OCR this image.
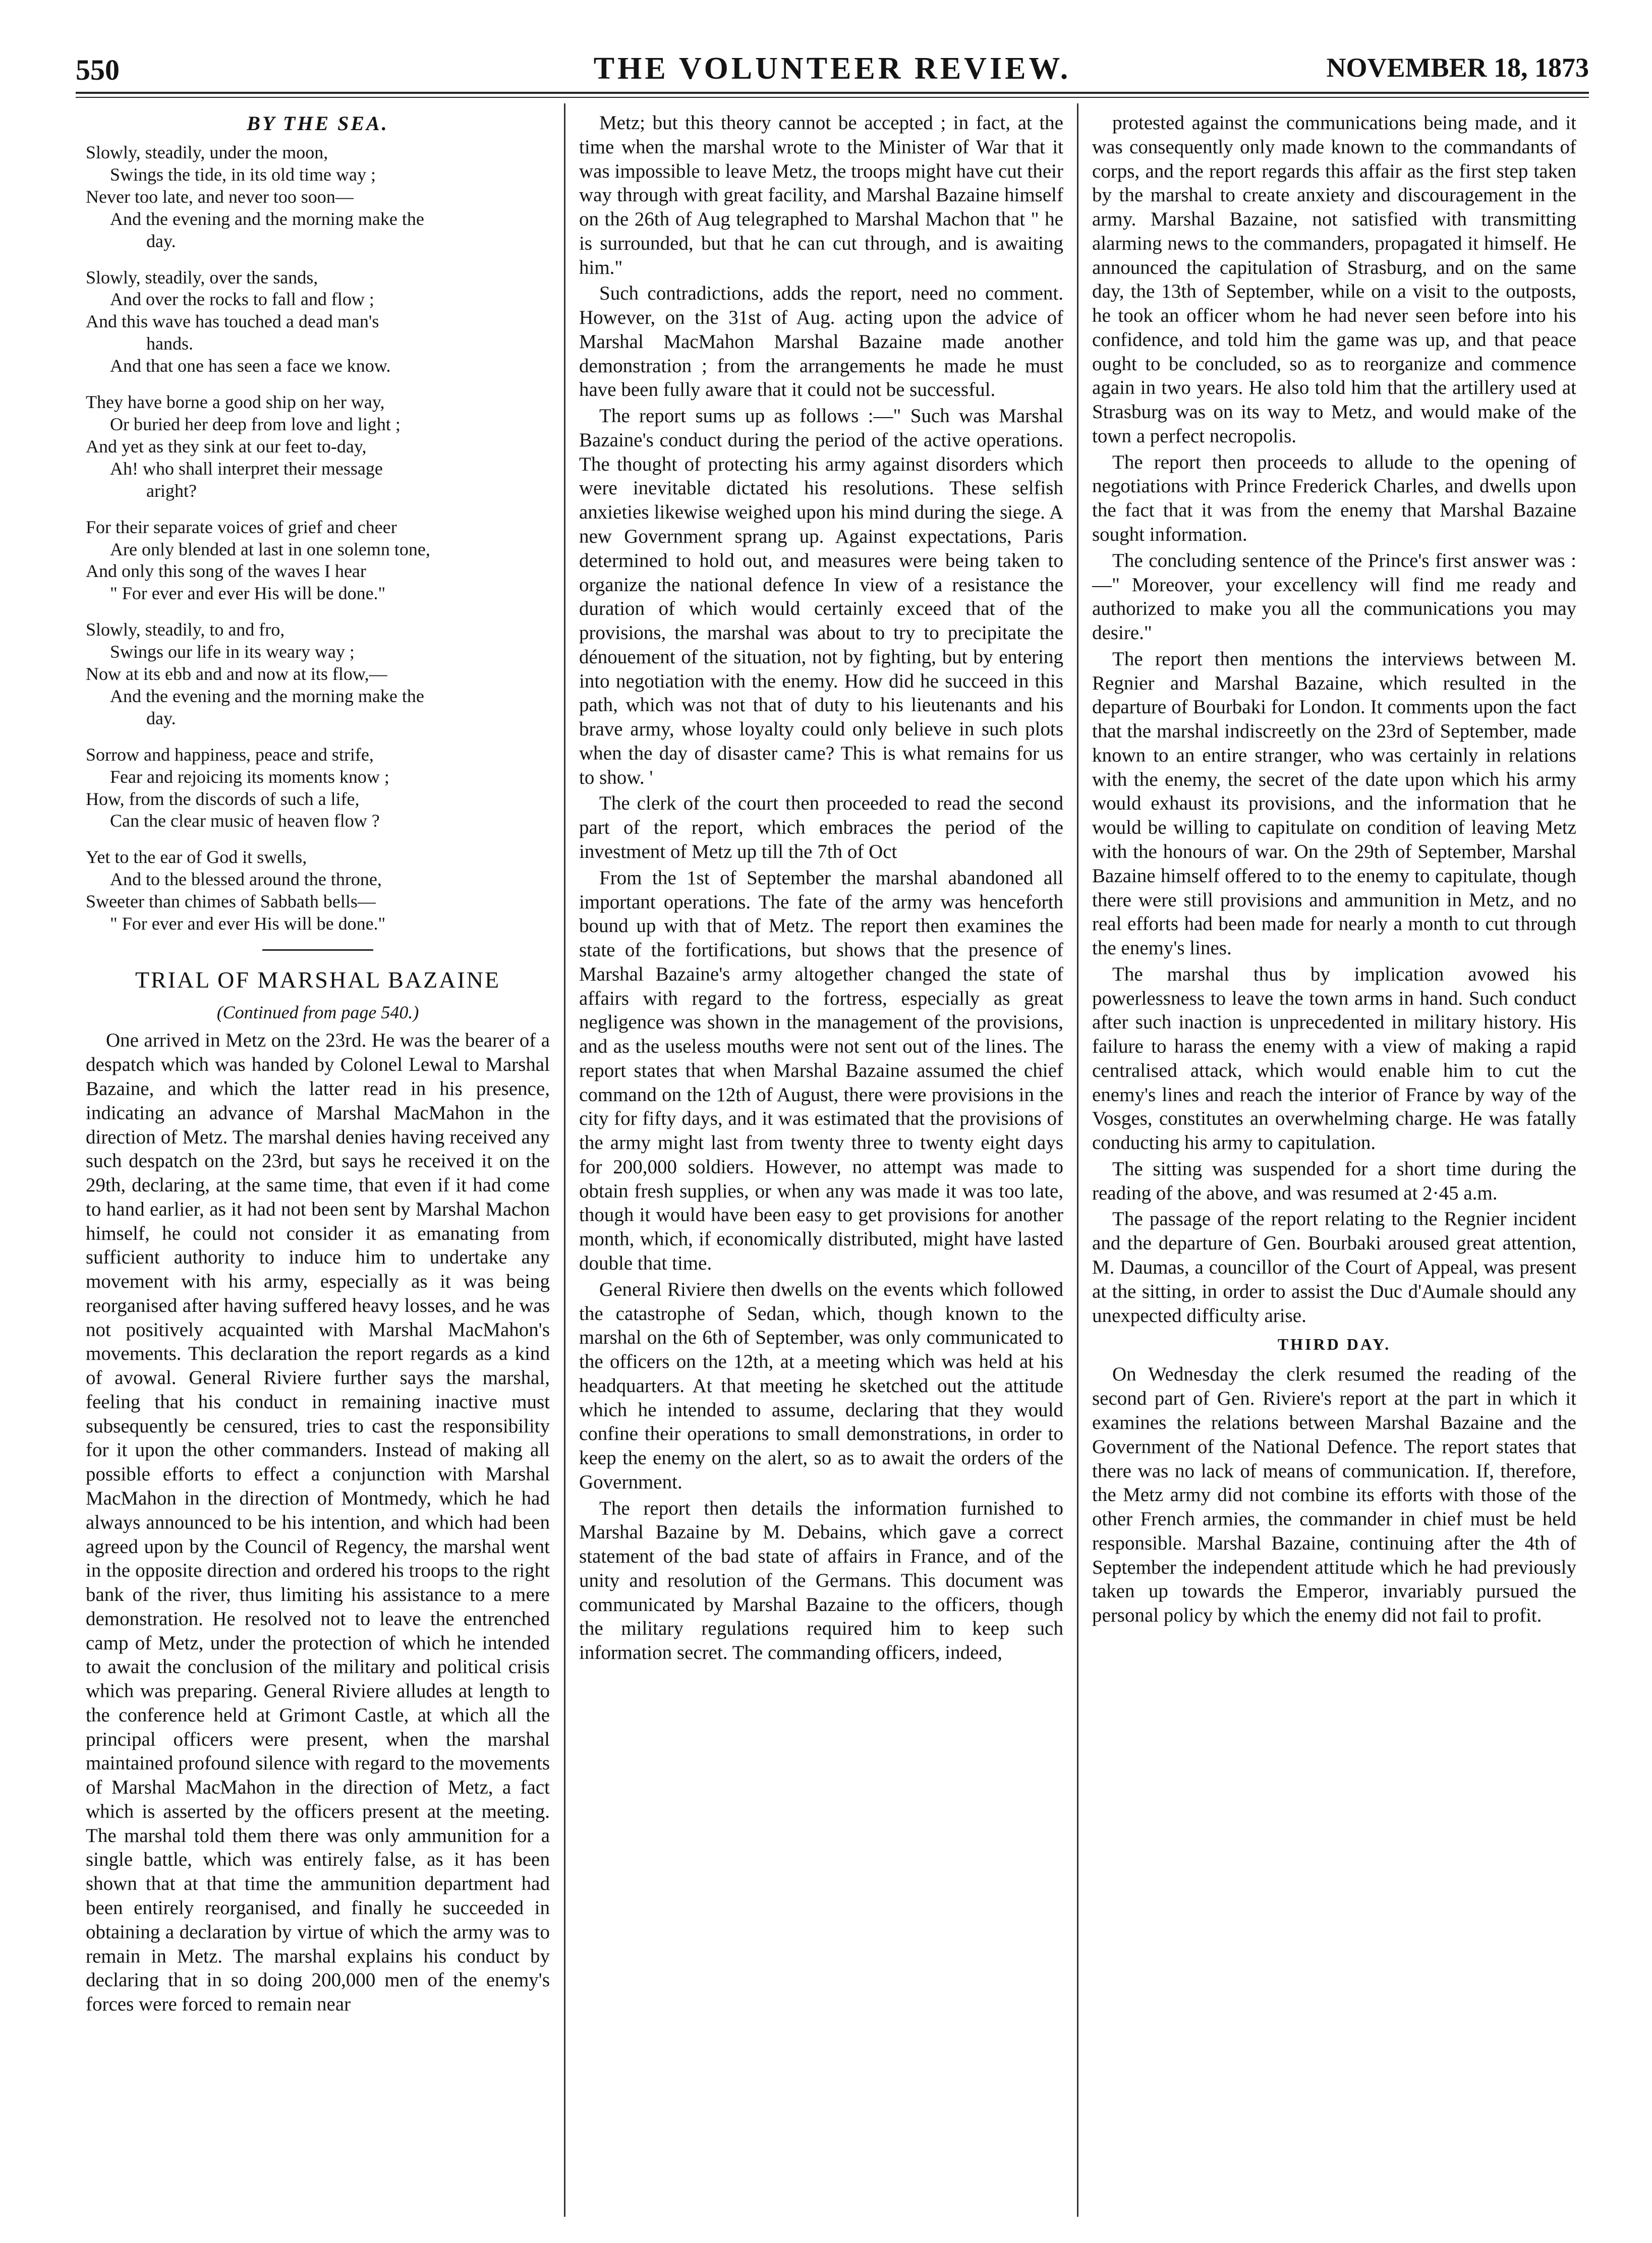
550	THE VOLUNTEER REVIEW.	NOVEMBER 18, 1873
BY THE SEA.
Slowly, steadily, under the moon,
Swings the tide, in its old time way ;
Never too late, and never too soon—
And the evening and the morning make the
day.
Slowly, steadily, over the sands,
And over the rocks to fall and flow ;
And this wave has touched a dead man's
hands.
And that one has seen a face we know.
They have borne a good ship on her way,
Or buried her deep from love and light ;
And yet as they sink at our feet to-day,
Ah! who shall interpret their message
aright?
For their separate voices of grief and cheer
Are only blended at last in one solemn tone,
And only this song of the waves I hear
" For ever and ever His will be done."
Slowly, steadily, to and fro,
Swings our life in its weary way ;
Now at its ebb and and now at its flow,—
And the evening and the morning make the
day.
Sorrow and happiness, peace and strife,
Fear and rejoicing its moments know ;
How, from the discords of such a life,
Can the clear music of heaven flow ?
Yet to the ear of God it swells,
And to the blessed around the throne,
Sweeter than chimes of Sabbath bells—
" For ever and ever His will be done."
TRIAL OF MARSHAL BAZAINE
(Continued from page 540.)

One arrived in Metz on the 23rd. He was the bearer of a despatch which was handed by Colonel Lewal to Marshal Bazaine, and which the latter read in his presence, indicating an advance of Marshal MacMahon in the direction of Metz. The marshal denies having received any such despatch on the 23rd, but says he received it on the 29th, declaring, at the same time, that even if it had come to hand earlier, as it had not been sent by Marshal Machon himself, he could not consider it as emanating from sufficient authority to induce him to undertake any movement with his army, especially as it was being reorganised after having suffered heavy losses, and he was not positively acquainted with Marshal MacMahon's movements. This declaration the report regards as a kind of avowal. General Riviere further says the marshal, feeling that his conduct in remaining inactive must subsequently be censured, tries to cast the responsibility for it upon the other commanders. Instead of making all possible efforts to effect a conjunction with Marshal MacMahon in the direction of Montmedy, which he had always announced to be his intention, and which had been agreed upon by the Council of Regency, the marshal went in the opposite direction and ordered his troops to the right bank of the river, thus limiting his assistance to a mere demonstration. He resolved not to leave the entrenched camp of Metz, under the protection of which he intended to await the conclusion of the military and political crisis which was preparing. General Riviere alludes at length to the conference held at Grimont Castle, at which all the principal officers were present, when the marshal maintained profound silence with regard to the movements of Marshal MacMahon in the direction of Metz, a fact which is asserted by the officers present at the meeting. The marshal told them there was only ammunition for a single battle, which was entirely false, as it has been shown that at that time the ammunition department had been entirely reorganised, and finally he succeeded in obtaining a declaration by virtue of which the army was to remain in Metz. The marshal explains his conduct by declaring that in so doing 200,000 men of the enemy's forces were forced to remain near

Metz; but this theory cannot be accepted ; in fact, at the time when the marshal wrote to the Minister of War that it was impossible to leave Metz, the troops might have cut their way through with great facility, and Marshal Bazaine himself on the 26th of Aug telegraphed to Marshal Machon that " he is surrounded, but that he can cut through, and is awaiting him."

Such contradictions, adds the report, need no comment. However, on the 31st of Aug. acting upon the advice of Marshal MacMahon Marshal Bazaine made another demonstration ; from the arrangements he made he must have been fully aware that it could not be successful.

The report sums up as follows :—" Such was Marshal Bazaine's conduct during the period of the active operations. The thought of protecting his army against disorders which were inevitable dictated his resolutions. These selfish anxieties likewise weighed upon his mind during the siege. A new Government sprang up. Against expectations, Paris determined to hold out, and measures were being taken to organize the national defence In view of a resistance the duration of which would certainly exceed that of the provisions, the marshal was about to try to precipitate the dénouement of the situation, not by fighting, but by entering into negotiation with the enemy. How did he succeed in this path, which was not that of duty to his lieutenants and his brave army, whose loyalty could only believe in such plots when the day of disaster came? This is what remains for us to show. '

The clerk of the court then proceeded to read the second part of the report, which embraces the period of the investment of Metz up till the 7th of Oct

From the 1st of September the marshal abandoned all important operations. The fate of the army was henceforth bound up with that of Metz. The report then examines the state of the fortifications, but shows that the presence of Marshal Bazaine's army altogether changed the state of affairs with regard to the fortress, especially as great negligence was shown in the management of the provisions, and as the useless mouths were not sent out of the lines. The report states that when Marshal Bazaine assumed the chief command on the 12th of August, there were provisions in the city for fifty days, and it was estimated that the provisions of the army might last from twenty three to twenty eight days for 200,000 soldiers. However, no attempt was made to obtain fresh supplies, or when any was made it was too late, though it would have been easy to get provisions for another month, which, if economically distributed, might have lasted double that time.

General Riviere then dwells on the events which followed the catastrophe of Sedan, which, though known to the marshal on the 6th of September, was only communicated to the officers on the 12th, at a meeting which was held at his headquarters. At that meeting he sketched out the attitude which he intended to assume, declaring that they would confine their operations to small demonstrations, in order to keep the enemy on the alert, so as to await the orders of the Government.

The report then details the information furnished to Marshal Bazaine by M. Debains, which gave a correct statement of the bad state of affairs in France, and of the unity and resolution of the Germans. This document was communicated by Marshal Bazaine to the officers, though the military regulations required him to keep such information secret. The commanding officers, indeed,

protested against the communications being made, and it was consequently only made known to the commandants of corps, and the report regards this affair as the first step taken by the marshal to create anxiety and discouragement in the army. Marshal Bazaine, not satisfied with transmitting alarming news to the commanders, propagated it himself. He announced the capitulation of Strasburg, and on the same day, the 13th of September, while on a visit to the outposts, he took an officer whom he had never seen before into his confidence, and told him the game was up, and that peace ought to be concluded, so as to reorganize and commence again in two years. He also told him that the artillery used at Strasburg was on its way to Metz, and would make of the town a perfect necropolis.

The report then proceeds to allude to the opening of negotiations with Prince Frederick Charles, and dwells upon the fact that it was from the enemy that Marshal Bazaine sought information.

The concluding sentence of the Prince's first answer was :—" Moreover, your excellency will find me ready and authorized to make you all the communications you may desire."

The report then mentions the interviews between M. Regnier and Marshal Bazaine, which resulted in the departure of Bourbaki for London. It comments upon the fact that the marshal indiscreetly on the 23rd of September, made known to an entire stranger, who was certainly in relations with the enemy, the secret of the date upon which his army would exhaust its provisions, and the information that he would be willing to capitulate on condition of leaving Metz with the honours of war. On the 29th of September, Marshal Bazaine himself offered to to the enemy to capitulate, though there were still provisions and ammunition in Metz, and no real efforts had been made for nearly a month to cut through the enemy's lines.

The marshal thus by implication avowed his powerlessness to leave the town arms in hand. Such conduct after such inaction is unprecedented in military history. His failure to harass the enemy with a view of making a rapid centralised attack, which would enable him to cut the enemy's lines and reach the interior of France by way of the Vosges, constitutes an overwhelming charge. He was fatally conducting his army to capitulation.

The sitting was suspended for a short time during the reading of the above, and was resumed at 2·45 a.m.

The passage of the report relating to the Regnier incident and the departure of Gen. Bourbaki aroused great attention, M. Daumas, a councillor of the Court of Appeal, was present at the sitting, in order to assist the Duc d'Aumale should any unexpected difficulty arise.

THIRD DAY.

On Wednesday the clerk resumed the reading of the second part of Gen. Riviere's report at the part in which it examines the relations between Marshal Bazaine and the Government of the National Defence. The report states that there was no lack of means of communication. If, therefore, the Metz army did not combine its efforts with those of the other French armies, the commander in chief must be held responsible. Marshal Bazaine, continuing after the 4th of September the independent attitude which he had previously taken up towards the Emperor, invariably pursued the personal policy by which the enemy did not fail to profit.
